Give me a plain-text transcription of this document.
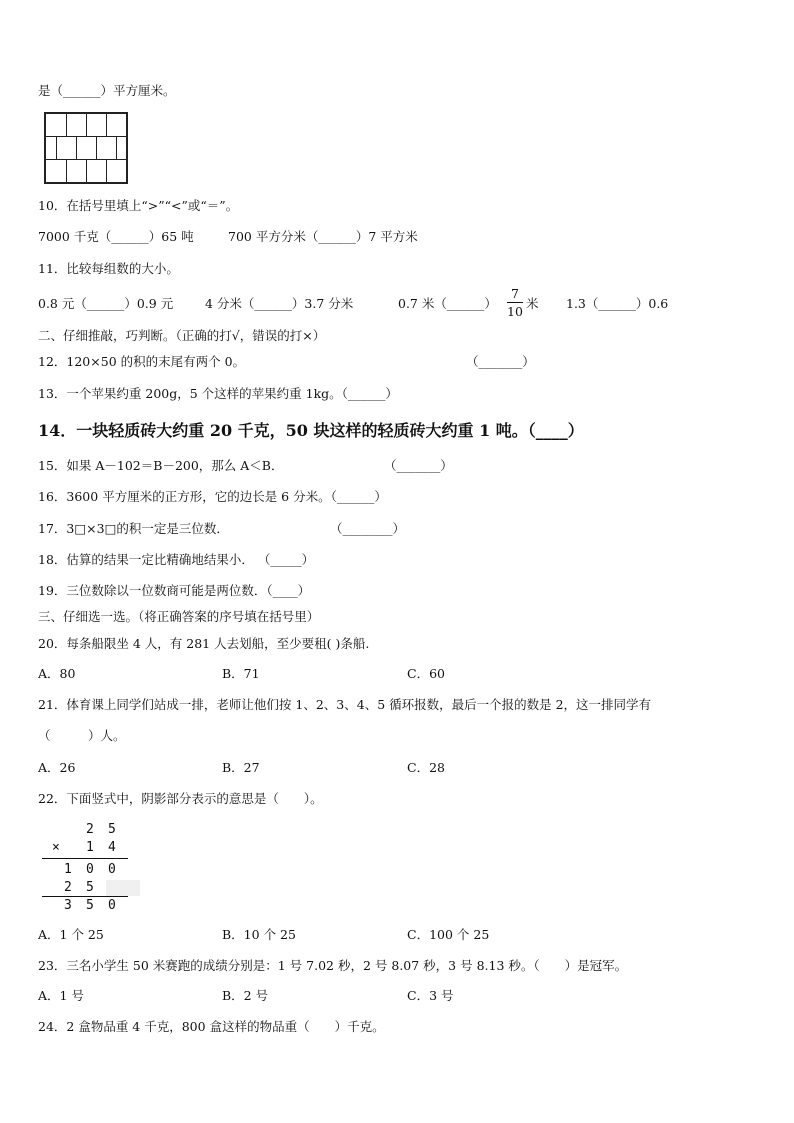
是（______）平方厘米。
10．在括号里填上“>”“<”或“＝”。
7000 千克（______）65 吨	700 平方分米（______）7 平方米
11．比较每组数的大小。
0.8 元（______）0.9 元	4 分米（______）3.7 分米	0.7 米（______）
7
10
米 1.3（______）0.6
二、仔细推敲，巧判断。（正确的打√，错误的打×）
12．120×50 的积的末尾有两个 0。	（_______）
13．一个苹果约重 200g，5 个这样的苹果约重 1kg。（______）
14．一块轻质砖大约重 20 千克，50 块这样的轻质砖大约重 1 吨。（____）
15．如果 A－102＝B－200，那么 A＜B．	（_______）
16．3600 平方厘米的正方形，它的边长是 6 分米。（______）
17．3□×3□的积一定是三位数．	（________）
18．估算的结果一定比精确地结果小． （_____）
19．三位数除以一位数商可能是两位数．（____）
三、仔细选一选。（将正确答案的序号填在括号里）
20．每条船限坐 4 人，有 281 人去划船，至少要租( )条船.
A．80	B．71	C．60
21．体育课上同学们站成一排，老师让他们按 1、2、3、4、5 循环报数，最后一个报的数是 2，这一排同学有
（　　　）人。
A．26	B．27	C．28
22．下面竖式中，阴影部分表示的意思是（　　）。
2 5
× 1 4
1 0 0
2 5
3 5 0
A．1 个 25	B．10 个 25	C．100 个 25
23．三名小学生 50 米赛跑的成绩分别是：1 号 7.02 秒，2 号 8.07 秒，3 号 8.13 秒。（　　）是冠军。
A．1 号	B．2 号	C．3 号
24．2 盒物品重 4 千克，800 盒这样的物品重（　　）千克。
